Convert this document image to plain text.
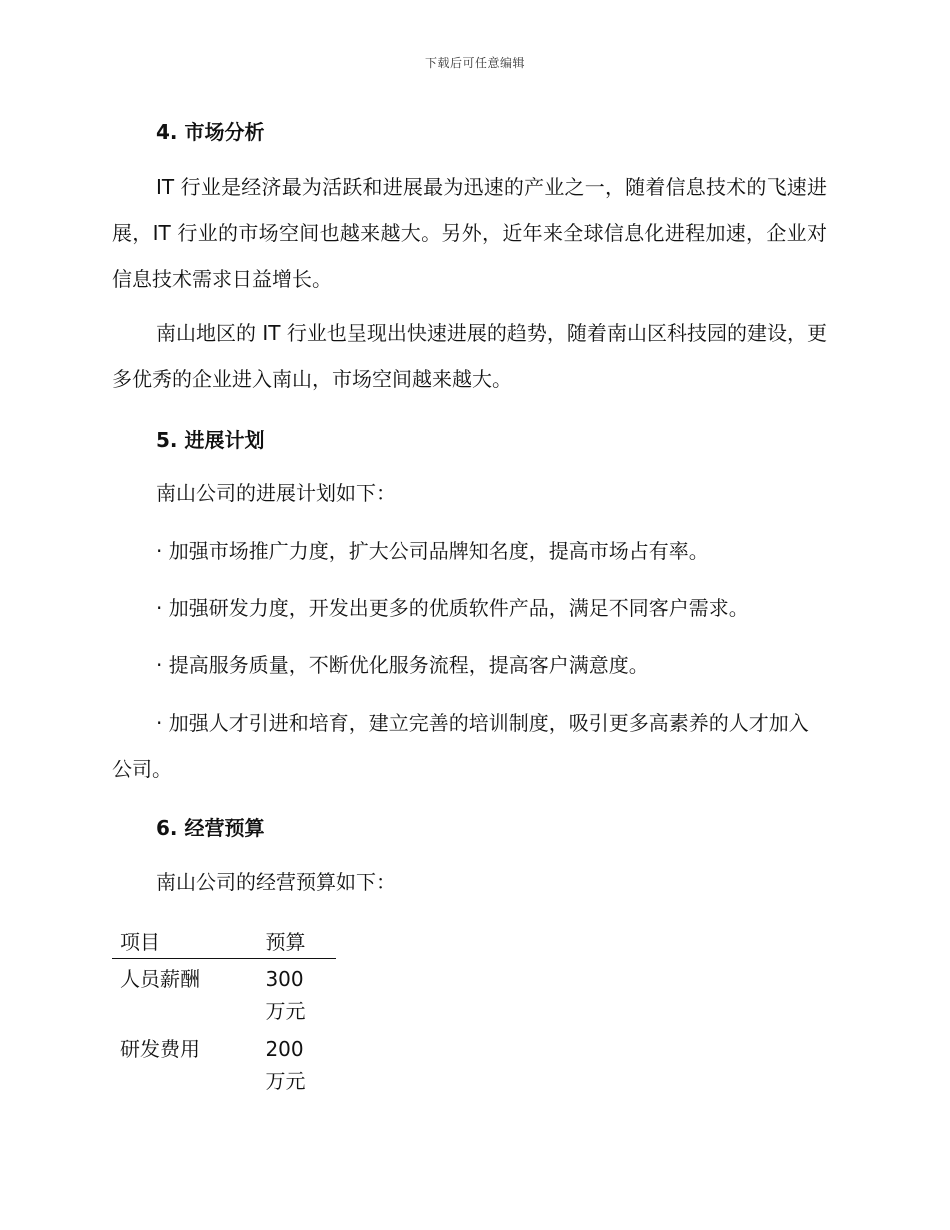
下载后可任意编辑
4. 市场分析

IT 行业是经济最为活跃和进展最为迅速的产业之一，随着信息技术的飞速进展，IT 行业的市场空间也越来越大。另外，近年来全球信息化进程加速，企业对信息技术需求日益增长。

南山地区的 IT 行业也呈现出快速进展的趋势，随着南山区科技园的建设，更多优秀的企业进入南山，市场空间越来越大。

5. 进展计划

南山公司的进展计划如下：

· 加强市场推广力度，扩大公司品牌知名度，提高市场占有率。

· 加强研发力度，开发出更多的优质软件产品，满足不同客户需求。

· 提高服务质量，不断优化服务流程，提高客户满意度。

· 加强人才引进和培育，建立完善的培训制度，吸引更多高素养的人才加入公司。

6. 经营预算

南山公司的经营预算如下：

项目	预算
人员薪酬	300 万元
研发费用	200 万元
